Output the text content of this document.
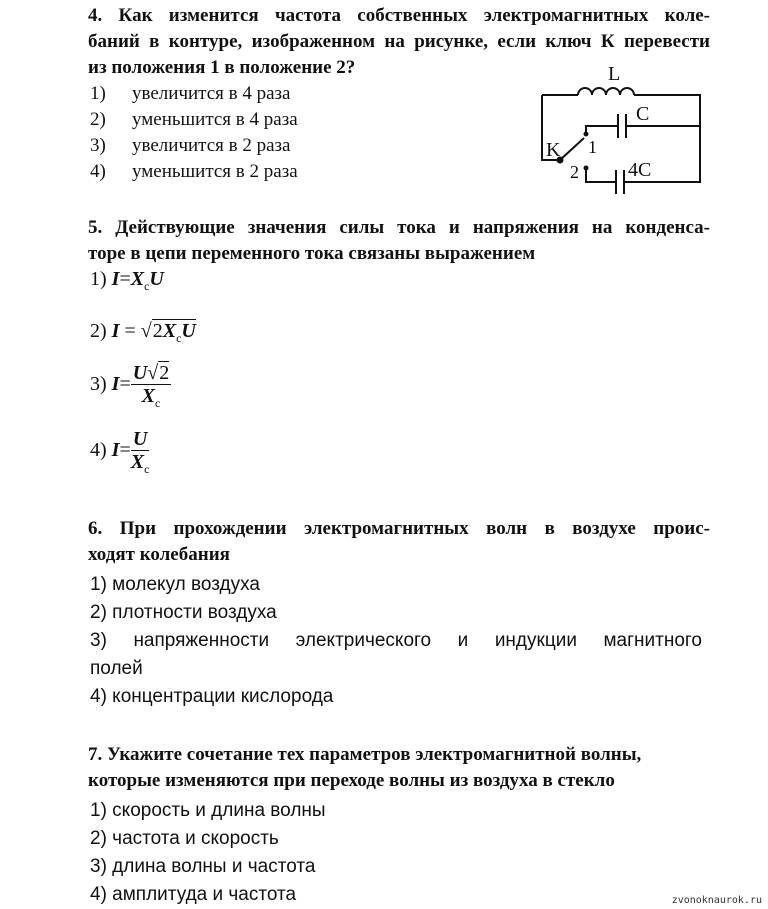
4. Как изменится частота собственных электромагнитных коле-
баний в контуре, изображенном на рисунке, если ключ К перевести
из положения 1 в положение 2?
1) увеличится в 4 раза
2) уменьшится в 4 раза
3) увеличится в 2 раза
4) уменьшится в 2 раза
L
C
4C
K 1
2
5. Действующие значения силы тока и напряжения на конденса-
торе в цепи переменного тока связаны выражением
1) $I=X_cU$
2) $I = √2X_cU$
3) $I= \frac{U√2}{X_c}$
4) $I= \frac{U}{X_c}$
6. При прохождении электромагнитных волн в воздухе проис-
ходят колебания
1) молекул воздуха
2) плотности воздуха
3) напряженности электрического и индукции магнитного
полей
4) концентрации кислорода
7. Укажите сочетание тех параметров электромагнитной волны,
которые изменяются при переходе волны из воздуха в стекло
1) скорость и длина волны
2) частота и скорость
3) длина волны и частота
4) амплитуда и частота	zvonoknaurok.ru
